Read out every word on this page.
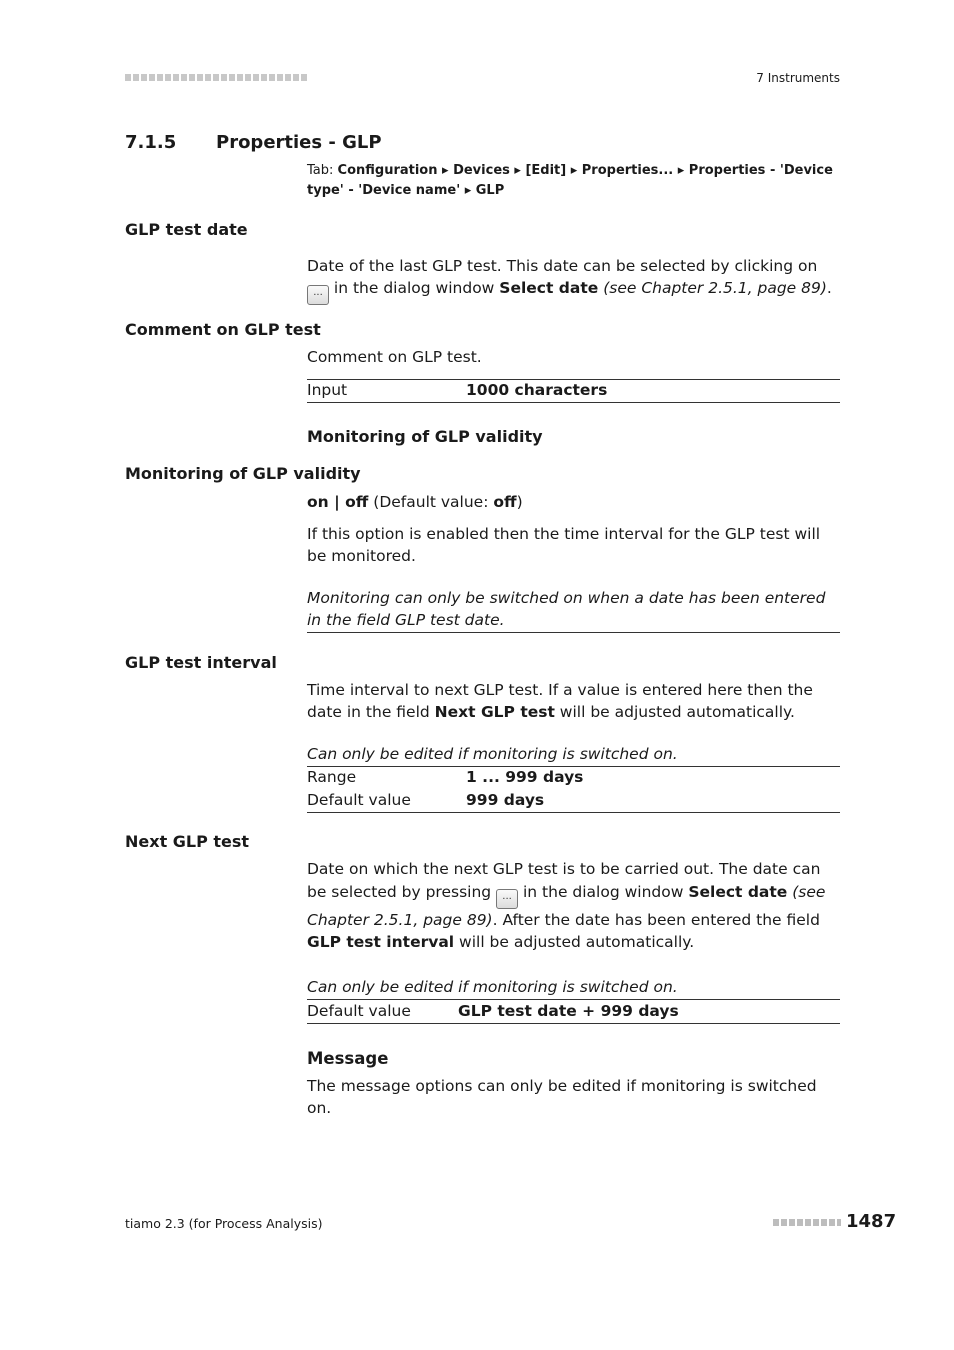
7 Instruments
7.1.5 Properties - GLP
Tab: Configuration ▸ Devices ▸ [Edit] ▸ Properties... ▸ Properties - 'Device type' - 'Device name' ▸ GLP
GLP test date
Date of the last GLP test. This date can be selected by clicking on ... in the dialog window Select date (see Chapter 2.5.1, page 89).
Comment on GLP test
Comment on GLP test.
Input	1000 characters
Monitoring of GLP validity
Monitoring of GLP validity
on | off (Default value: off)
If this option is enabled then the time interval for the GLP test will be monitored.
Monitoring can only be switched on when a date has been entered in the field GLP test date.
GLP test interval
Time interval to next GLP test. If a value is entered here then the date in the field Next GLP test will be adjusted automatically.
Can only be edited if monitoring is switched on.
Range	1 ... 999 days
Default value	999 days
Next GLP test
Date on which the next GLP test is to be carried out. The date can be selected by pressing ... in the dialog window Select date (see Chapter 2.5.1, page 89). After the date has been entered the field GLP test interval will be adjusted automatically.
Can only be edited if monitoring is switched on.
Default value	GLP test date + 999 days
Message
The message options can only be edited if monitoring is switched on.
tiamo 2.3 (for Process Analysis)	1487
